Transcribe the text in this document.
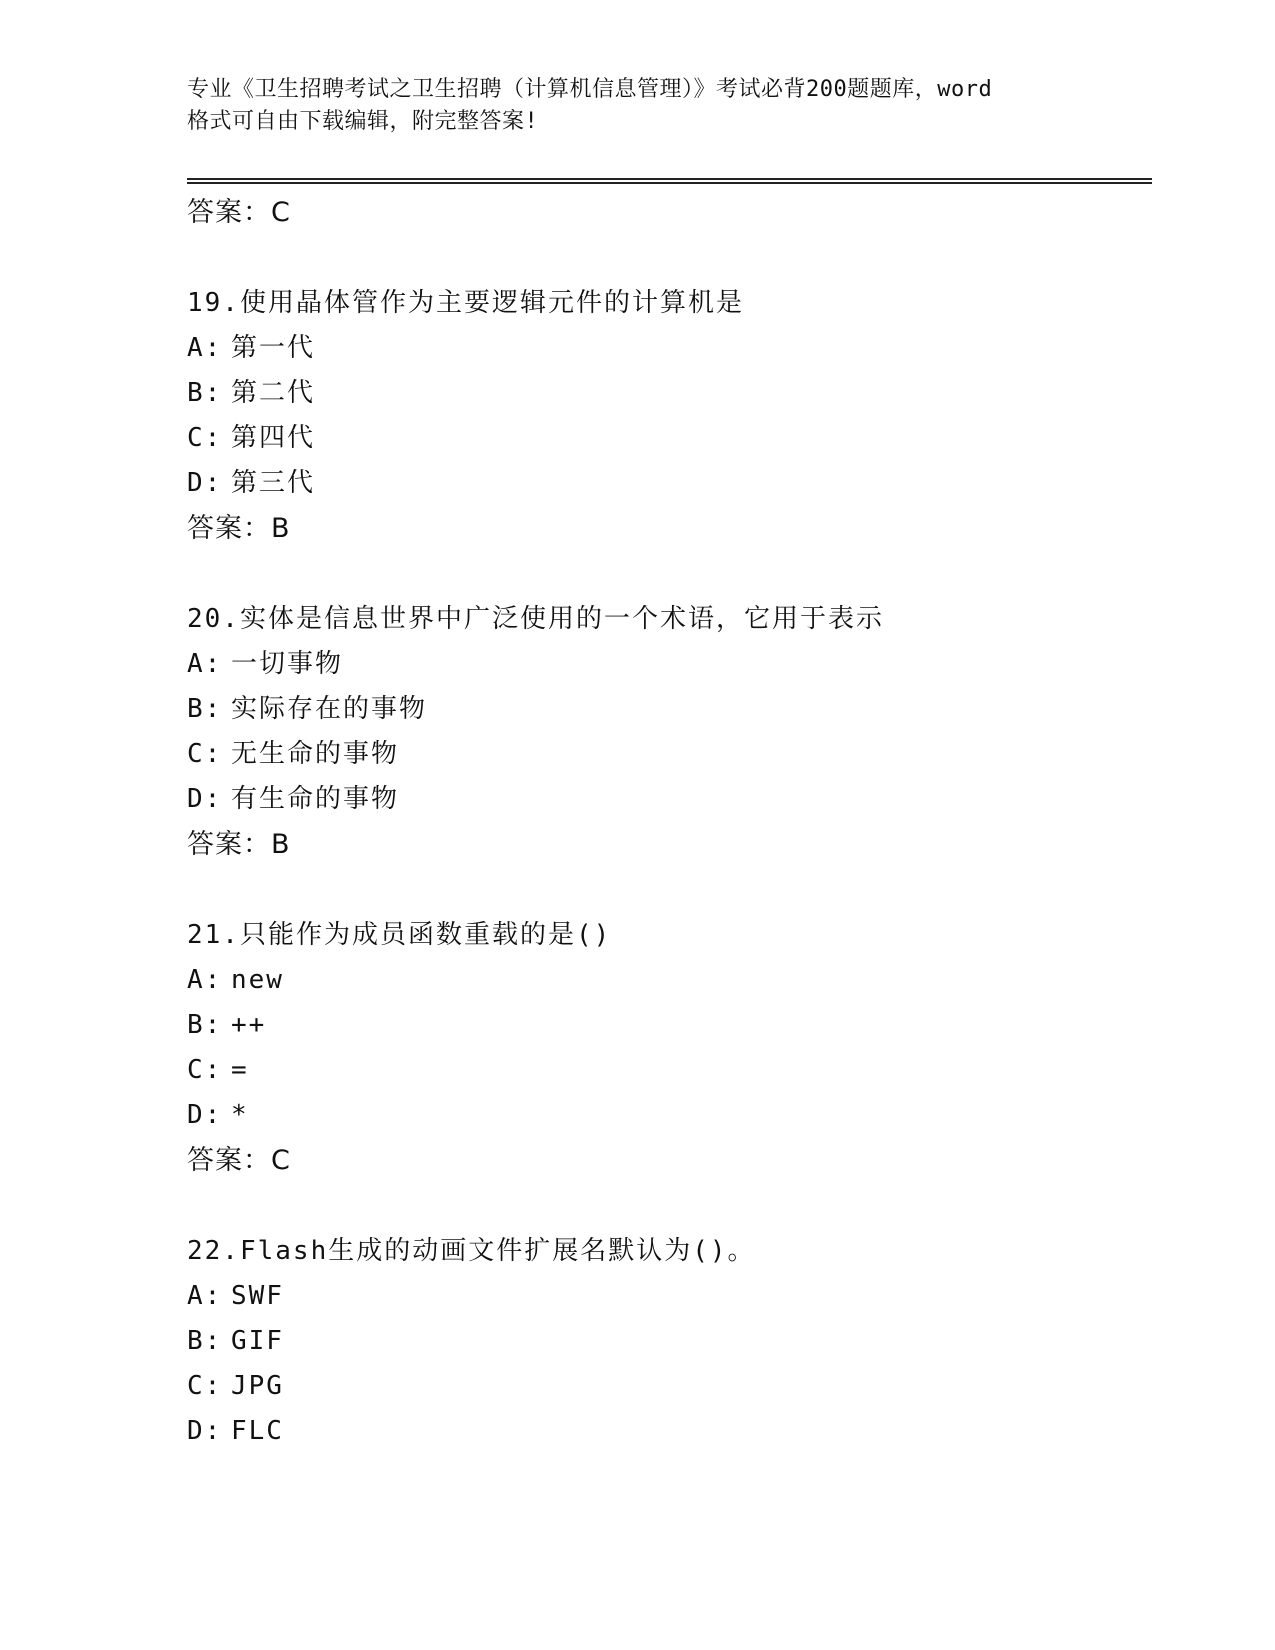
专业《卫生招聘考试之卫生招聘（计算机信息管理）》考试必背200题题库，word
格式可自由下载编辑，附完整答案!
答案：C
19.使用晶体管作为主要逻辑元件的计算机是
A: 第一代
B: 第二代
C: 第四代
D: 第三代
答案：B
20.实体是信息世界中广泛使用的一个术语，它用于表示
A: 一切事物
B: 实际存在的事物
C: 无生命的事物
D: 有生命的事物
答案：B
21.只能作为成员函数重载的是()
A: new
B: ++
C: =
D: *
答案：C
22.Flash生成的动画文件扩展名默认为()。
A: SWF
B: GIF
C: JPG
D: FLC
